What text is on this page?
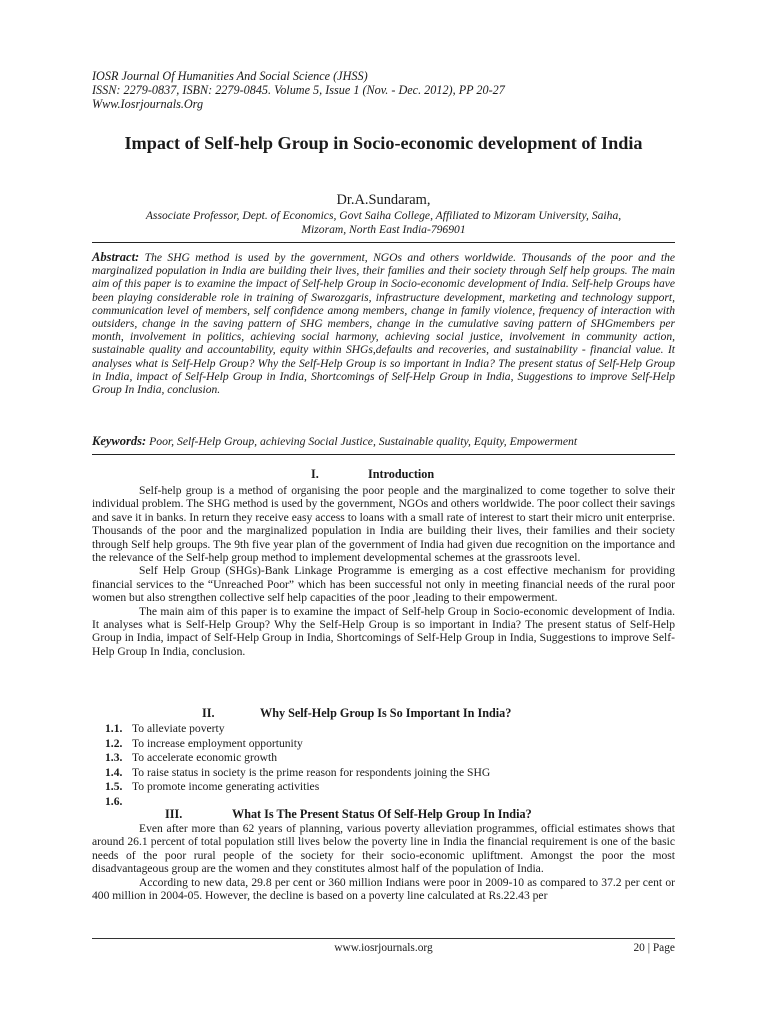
IOSR Journal Of Humanities And Social Science (JHSS)
ISSN: 2279-0837, ISBN: 2279-0845. Volume 5, Issue 1 (Nov. - Dec. 2012), PP 20-27
Www.Iosrjournals.Org
Impact of Self-help Group in Socio-economic development of India
Dr.A.Sundaram,
Associate Professor, Dept. of Economics, Govt Saiha College, Affiliated to Mizoram University, Saiha,
Mizoram, North East India-796901
Abstract: The SHG method is used by the government, NGOs and others worldwide. Thousands of the poor and the marginalized population in India are building their lives, their families and their society through Self help groups. The main aim of this paper is to examine the impact of Self-help Group in Socio-economic development of India. Self-help Groups have been playing considerable role in training of Swarozgaris, infrastructure development, marketing and technology support, communication level of members, self confidence among members, change in family violence, frequency of interaction with outsiders, change in the saving pattern of SHG members, change in the cumulative saving pattern of SHGmembers per month, involvement in politics, achieving social harmony, achieving social justice, involvement in community action, sustainable quality and accountability, equity within SHGs,defaults and recoveries, and sustainability - financial value. It analyses what is Self-Help Group? Why the Self-Help Group is so important in India? The present status of Self-Help Group in India, impact of Self-Help Group in India, Shortcomings of Self-Help Group in India, Suggestions to improve Self-Help Group In India, conclusion.
Keywords: Poor, Self-Help Group, achieving Social Justice, Sustainable quality, Equity, Empowerment
I.	Introduction

Self-help group is a method of organising the poor people and the marginalized to come together to solve their individual problem. The SHG method is used by the government, NGOs and others worldwide. The poor collect their savings and save it in banks. In return they receive easy access to loans with a small rate of interest to start their micro unit enterprise. Thousands of the poor and the marginalized population in India are building their lives, their families and their society through Self help groups. The 9th five year plan of the government of India had given due recognition on the importance and the relevance of the Self-help group method to implement developmental schemes at the grassroots level.

Self Help Group (SHGs)-Bank Linkage Programme is emerging as a cost effective mechanism for providing financial services to the “Unreached Poor” which has been successful not only in meeting financial needs of the rural poor women but also strengthen collective self help capacities of the poor ,leading to their empowerment.

The main aim of this paper is to examine the impact of Self-help Group in Socio-economic development of India. It analyses what is Self-Help Group? Why the Self-Help Group is so important in India? The present status of Self-Help Group in India, impact of Self-Help Group in India, Shortcomings of Self-Help Group in India, Suggestions to improve Self-Help Group In India, conclusion.

II.	Why Self-Help Group Is So Important In India?
1.1. To alleviate poverty
1.2. To increase employment opportunity
1.3. To accelerate economic growth
1.4. To raise status in society is the prime reason for respondents joining the SHG
1.5. To promote income generating activities
1.6.
III.	What Is The Present Status Of Self-Help Group In India?

Even after more than 62 years of planning, various poverty alleviation programmes, official estimates shows that around 26.1 percent of total population still lives below the poverty line in India the financial requirement is one of the basic needs of the poor rural people of the society for their socio-economic upliftment. Amongst the poor the most disadvantageous group are the women and they constitutes almost half of the population of India.

According to new data, 29.8 per cent or 360 million Indians were poor in 2009-10 as compared to 37.2 per cent or 400 million in 2004-05. However, the decline is based on a poverty line calculated at Rs.22.43 per

www.iosrjournals.org	20 | Page
